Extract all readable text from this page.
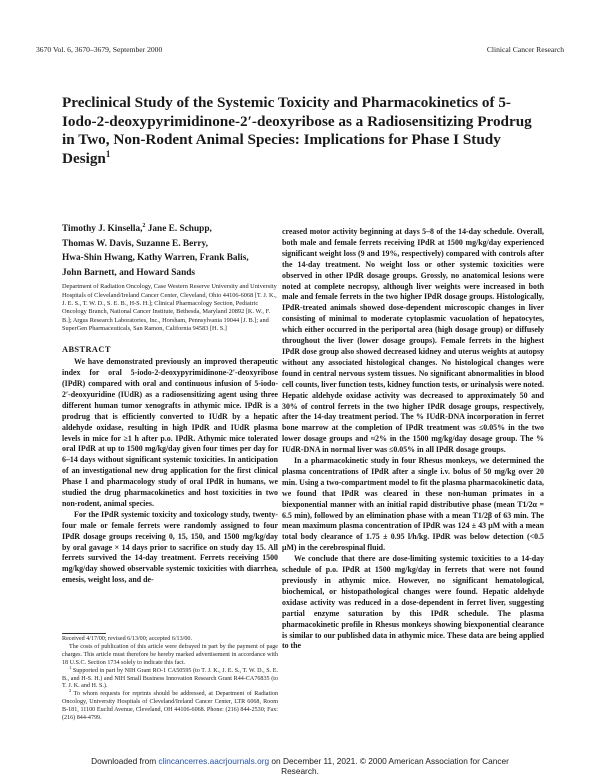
3670 Vol. 6, 3670–3679, September 2000	Clinical Cancer Research
Preclinical Study of the Systemic Toxicity and Pharmacokinetics of 5-Iodo-2-deoxypyrimidinone-2′-deoxyribose as a Radiosensitizing Prodrug in Two, Non-Rodent Animal Species: Implications for Phase I Study Design$^1$
Timothy J. Kinsella,$^2$ Jane E. Schupp,
Thomas W. Davis, Suzanne E. Berry,
Hwa-Shin Hwang, Kathy Warren, Frank Balis,
John Barnett, and Howard Sands
Department of Radiation Oncology, Case Western Reserve University and University Hospitals of Cleveland/Ireland Cancer Center, Cleveland, Ohio 44106-6068 [T. J. K., J. E. S., T. W. D., S. E. B., H-S. H.]; Clinical Pharmacology Section, Pediatric Oncology Branch, National Cancer Institute, Bethesda, Maryland 20892 [K. W., F. B.]; Argus Research Laboratories, Inc., Horsham, Pennsylvania 19044 [J. B.]; and SuperGen Pharmaceuticals, San Ramon, California 94583 [H. S.]
ABSTRACT

We have demonstrated previously an improved therapeutic index for oral 5-iodo-2-deoxypyrimidinone-2′-deoxyribose (IPdR) compared with oral and continuous infusion of 5-iodo-2′-deoxyuridine (IUdR) as a radiosensitizing agent using three different human tumor xenografts in athymic mice. IPdR is a prodrug that is efficiently converted to IUdR by a hepatic aldehyde oxidase, resulting in high IPdR and IUdR plasma levels in mice for ≥1 h after p.o. IPdR. Athymic mice tolerated oral IPdR at up to 1500 mg/kg/day given four times per day for 6–14 days without significant systemic toxicities. In anticipation of an investigational new drug application for the first clinical Phase I and pharmacology study of oral IPdR in humans, we studied the drug pharmacokinetics and host toxicities in two non-rodent, animal species.

For the IPdR systemic toxicity and toxicology study, twenty-four male or female ferrets were randomly assigned to four IPdR dosage groups receiving 0, 15, 150, and 1500 mg/kg/day by oral gavage × 14 days prior to sacrifice on study day 15. All ferrets survived the 14-day treatment. Ferrets receiving 1500 mg/kg/day showed observable systemic toxicities with diarrhea, emesis, weight loss, and de-

creased motor activity beginning at days 5–8 of the 14-day schedule. Overall, both male and female ferrets receiving IPdR at 1500 mg/kg/day experienced significant weight loss (9 and 19%, respectively) compared with controls after the 14-day treatment. No weight loss or other systemic toxicities were observed in other IPdR dosage groups. Grossly, no anatomical lesions were noted at complete necropsy, although liver weights were increased in both male and female ferrets in the two higher IPdR dosage groups. Histologically, IPdR-treated animals showed dose-dependent microscopic changes in liver consisting of minimal to moderate cytoplasmic vacuolation of hepatocytes, which either occurred in the periportal area (high dosage group) or diffusely throughout the liver (lower dosage groups). Female ferrets in the highest IPdR dose group also showed decreased kidney and uterus weights at autopsy without any associated histological changes. No histological changes were found in central nervous system tissues. No significant abnormalities in blood cell counts, liver function tests, kidney function tests, or urinalysis were noted. Hepatic aldehyde oxidase activity was decreased to approximately 50 and 30% of control ferrets in the two higher IPdR dosage groups, respectively, after the 14-day treatment period. The % IUdR-DNA incorporation in ferret bone marrow at the completion of IPdR treatment was ≤0.05% in the two lower dosage groups and ≈2% in the 1500 mg/kg/day dosage group. The % IUdR-DNA in normal liver was ≤0.05% in all IPdR dosage groups.

In a pharmacokinetic study in four Rhesus monkeys, we determined the plasma concentrations of IPdR after a single i.v. bolus of 50 mg/kg over 20 min. Using a two-compartment model to fit the plasma pharmacokinetic data, we found that IPdR was cleared in these non-human primates in a biexponential manner with an initial rapid distributive phase (mean T1/2α = 6.5 min), followed by an elimination phase with a mean T1/2β of 63 min. The mean maximum plasma concentration of IPdR was 124 ± 43 μM with a mean total body clearance of 1.75 ± 0.95 l/h/kg. IPdR was below detection (<0.5 μM) in the cerebrospinal fluid.

We conclude that there are dose-limiting systemic toxicities to a 14-day schedule of p.o. IPdR at 1500 mg/kg/day in ferrets that were not found previously in athymic mice. However, no significant hematological, biochemical, or histopathological changes were found. Hepatic aldehyde oxidase activity was reduced in a dose-dependent in ferret liver, suggesting partial enzyme saturation by this IPdR schedule. The plasma pharmacokinetic profile in Rhesus monkeys showing biexponential clearance is similar to our published data in athymic mice. These data are being applied to the

Received 4/17/00; revised 6/13/00; accepted 6/13/00.

The costs of publication of this article were defrayed in part by the payment of page charges. This article must therefore be hereby marked advertisement in accordance with 18 U.S.C. Section 1734 solely to indicate this fact.

$^1$ Supported in part by NIH Grant RO-1 CA50595 (to T. J. K., J. E. S., T. W. D., S. E. B., and H-S. H.) and NIH Small Business Innovation Research Grant R44-CA76835 (to T. J. K. and H. S.).

$^2$ To whom requests for reprints should be addressed, at Department of Radiation Oncology, University Hospitals of Cleveland/Ireland Cancer Center, LTR 6068, Room B-181, 11100 Euclid Avenue, Cleveland, OH 44106-6068. Phone: (216) 844-2530; Fax: (216) 844-4799.

Downloaded from clincancerres.aacrjournals.org on December 11, 2021. © 2000 American Association for Cancer
Research.
